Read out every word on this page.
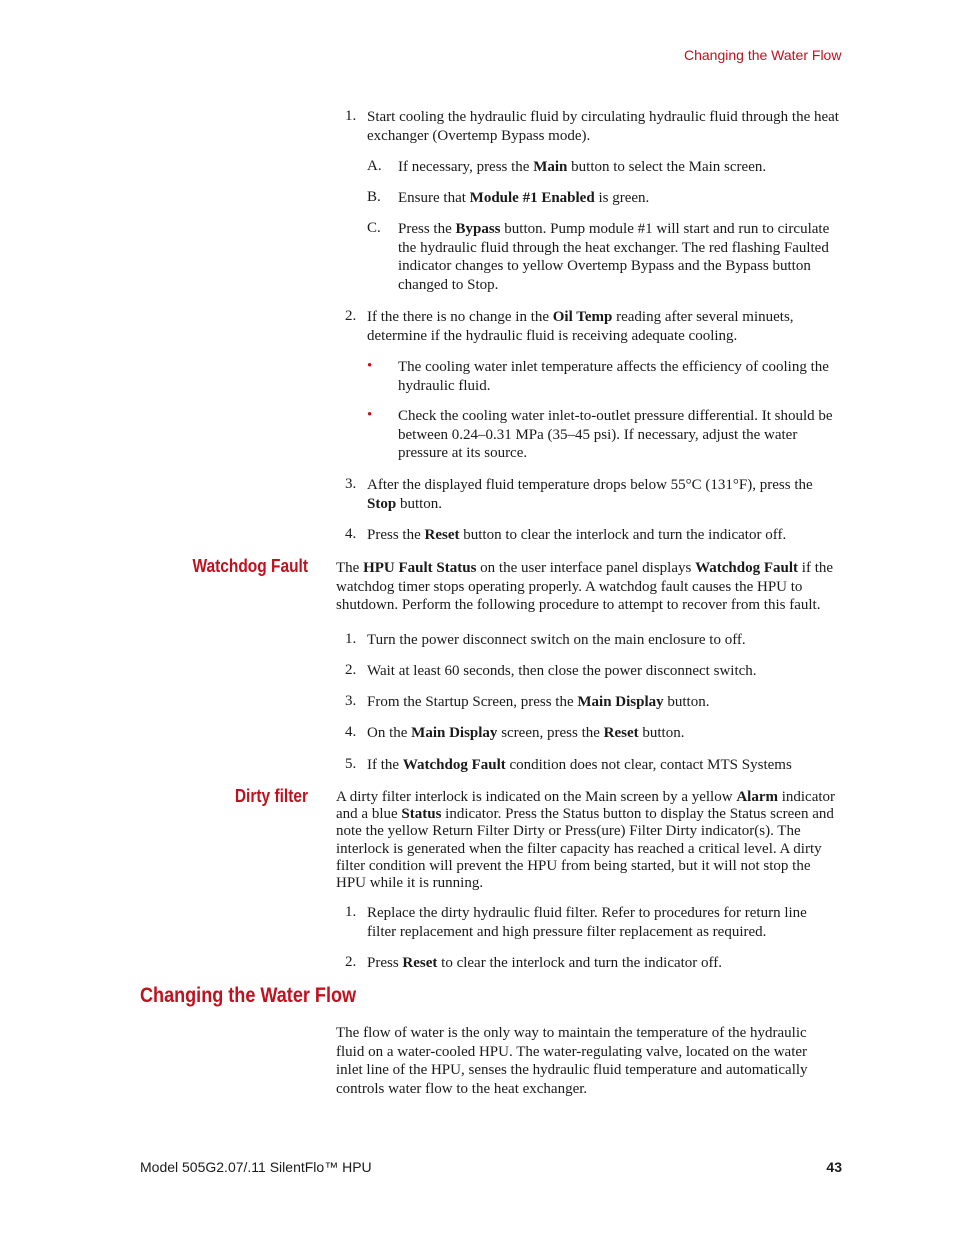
Changing the Water Flow
1. Start cooling the hydraulic fluid by circulating hydraulic fluid through the heat exchanger (Overtemp Bypass mode).
A. If necessary, press the Main button to select the Main screen.
B. Ensure that Module #1 Enabled is green.
C. Press the Bypass button. Pump module #1 will start and run to circulate the hydraulic fluid through the heat exchanger. The red flashing Faulted indicator changes to yellow Overtemp Bypass and the Bypass button changed to Stop.
2. If the there is no change in the Oil Temp reading after several minuets, determine if the hydraulic fluid is receiving adequate cooling.
• The cooling water inlet temperature affects the efficiency of cooling the hydraulic fluid.
• Check the cooling water inlet-to-outlet pressure differential. It should be between 0.24–0.31 MPa (35–45 psi). If necessary, adjust the water pressure at its source.
3. After the displayed fluid temperature drops below 55°C (131°F), press the Stop button.
4. Press the Reset button to clear the interlock and turn the indicator off.
Watchdog Fault The HPU Fault Status on the user interface panel displays Watchdog Fault if the watchdog timer stops operating properly. A watchdog fault causes the HPU to shutdown. Perform the following procedure to attempt to recover from this fault.
1. Turn the power disconnect switch on the main enclosure to off.
2. Wait at least 60 seconds, then close the power disconnect switch.
3. From the Startup Screen, press the Main Display button.
4. On the Main Display screen, press the Reset button.
5. If the Watchdog Fault condition does not clear, contact MTS Systems
Dirty filter A dirty filter interlock is indicated on the Main screen by a yellow Alarm indicator and a blue Status indicator. Press the Status button to display the Status screen and note the yellow Return Filter Dirty or Press(ure) Filter Dirty indicator(s). The interlock is generated when the filter capacity has reached a critical level. A dirty filter condition will prevent the HPU from being started, but it will not stop the HPU while it is running.
1. Replace the dirty hydraulic fluid filter. Refer to procedures for return line filter replacement and high pressure filter replacement as required.
2. Press Reset to clear the interlock and turn the indicator off.
Changing the Water Flow
The flow of water is the only way to maintain the temperature of the hydraulic fluid on a water-cooled HPU. The water-regulating valve, located on the water inlet line of the HPU, senses the hydraulic fluid temperature and automatically controls water flow to the heat exchanger.
Model 505G2.07/.11 SilentFlo™ HPU	43
